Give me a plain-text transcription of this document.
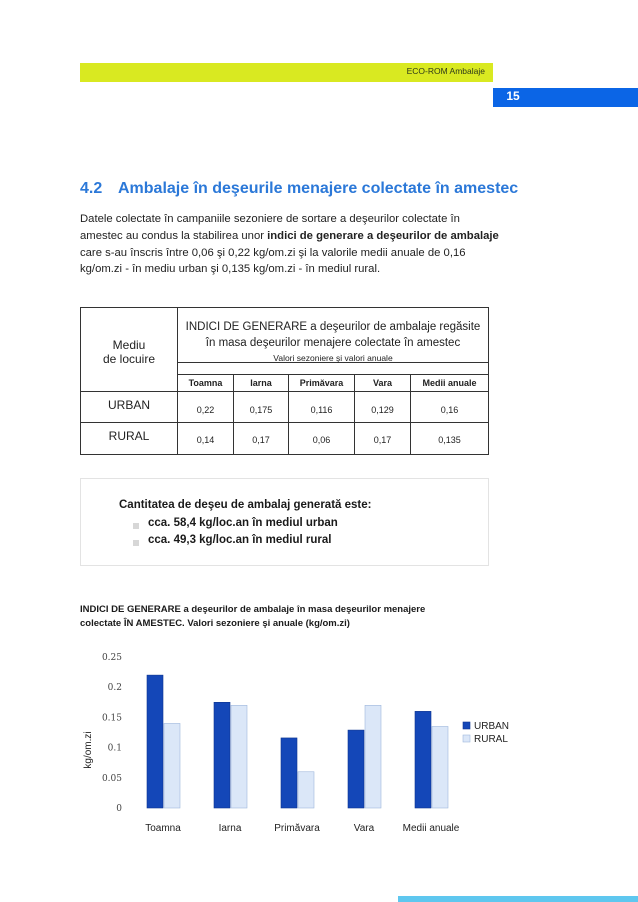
ECO-ROM Ambalaje
15
4.2 Ambalaje în deşeurile menajere colectate în amestec
Datele colectate în campaniile sezoniere de sortare a deşeurilor colectate în amestec au condus la stabilirea unor indici de generare a deşeurilor de ambalaje care s-au înscris între 0,06 şi 0,22 kg/om.zi şi la valorile medii anuale de 0,16 kg/om.zi - în mediu urban şi 0,135 kg/om.zi - în mediul rural.
Mediu
de locuire
INDICI DE GENERARE a deşeurilor de ambalaje regăsite
în masa deşeurilor menajere colectate în amestec
Valori sezoniere şi valori anuale
Toamna	Iarna	Primăvara	Vara	Medii anuale
URBAN	0,22	0,175	0,116	0,129	0,16
RURAL	0,14	0,17	0,06	0,17	0,135
Cantitatea de deşeu de ambalaj generată este:
cca. 58,4 kg/loc.an în mediul urban
cca. 49,3 kg/loc.an în mediul rural
INDICI DE GENERARE a deşeurilor de ambalaje în masa deşeurilor menajere
colectate ÎN AMESTEC. Valori sezoniere şi anuale (kg/om.zi)
kg/om.zi
0
0.05
0.1
0.15
0.2
0.25
Toamna	Iarna	Primăvara	Vara	Medii anuale
URBAN
RURAL
